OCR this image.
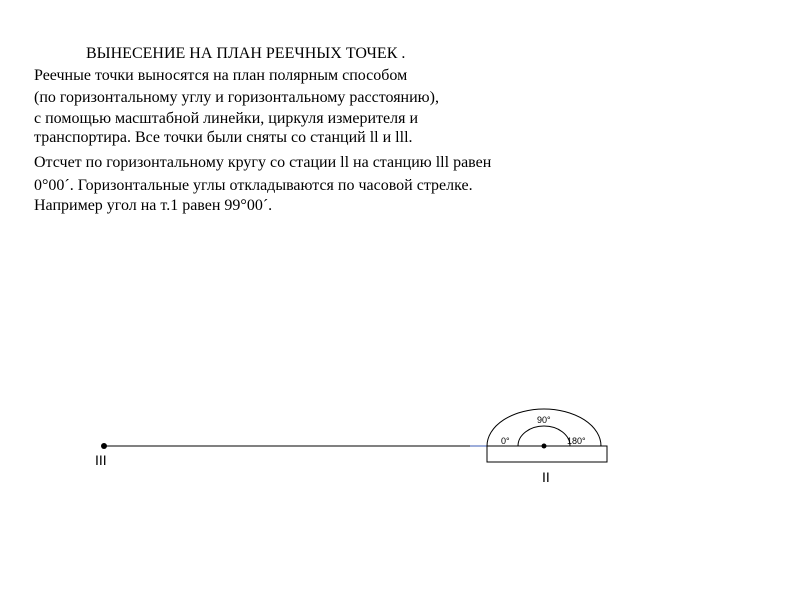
ВЫНЕСЕНИЕ НА ПЛАН РЕЕЧНЫХ ТОЧЕК .
Реечные точки выносятся на план полярным способом
(по горизонтальному углу и горизонтальному расстоянию),
с помощью масштабной линейки, циркуля измерителя и
транспортира. Все точки были сняты со станций ll и lll.
Отсчет по горизонтальному кругу со стации ll на станцию lll равен
0°00´. Горизонтальные углы откладываются по часовой стрелке.
Например угол на т.1 равен 99°00´.
90°
0°	180°
III
II
